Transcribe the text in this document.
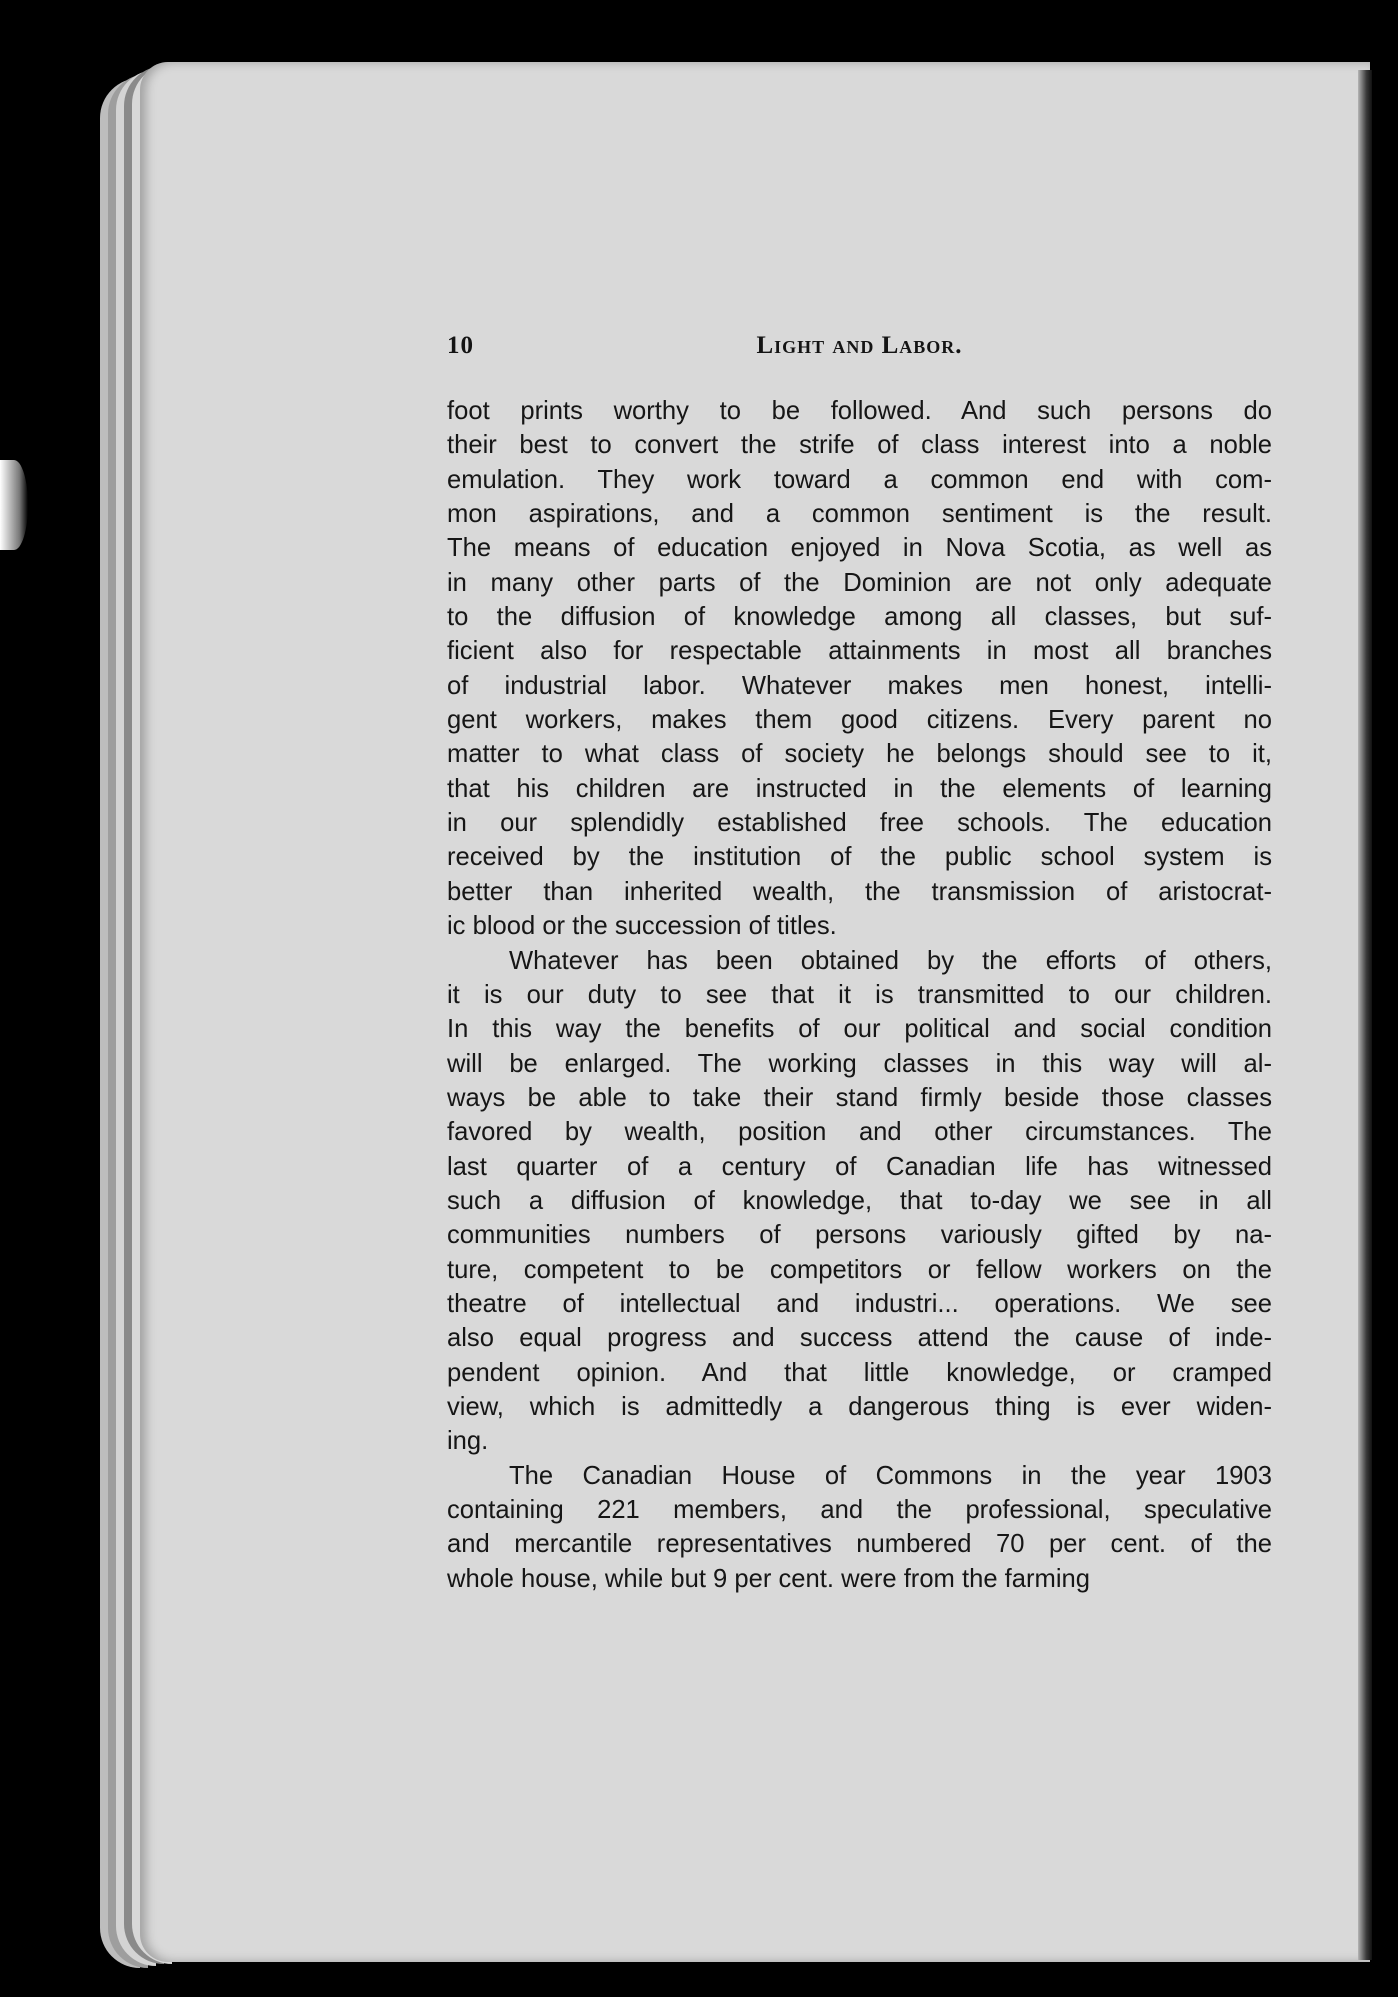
10	Light and Labor.
foot prints worthy to be followed. And such persons do
their best to convert the strife of class interest into a noble
emulation. They work toward a common end with com-
mon aspirations, and a common sentiment is the result.
The means of education enjoyed in Nova Scotia, as well as
in many other parts of the Dominion are not only adequate
to the diffusion of knowledge among all classes, but suf-
ficient also for respectable attainments in most all branches
of industrial labor. Whatever makes men honest, intelli-
gent workers, makes them good citizens. Every parent no
matter to what class of society he belongs should see to it,
that his children are instructed in the elements of learning
in our splendidly established free schools. The education
received by the institution of the public school system is
better than inherited wealth, the transmission of aristocrat-
ic blood or the succession of titles.
Whatever has been obtained by the efforts of others,
it is our duty to see that it is transmitted to our children.
In this way the benefits of our political and social condition
will be enlarged. The working classes in this way will al-
ways be able to take their stand firmly beside those classes
favored by wealth, position and other circumstances. The
last quarter of a century of Canadian life has witnessed
such a diffusion of knowledge, that to-day we see in all
communities numbers of persons variously gifted by na-
ture, competent to be competitors or fellow workers on the
theatre of intellectual and industri... operations. We see
also equal progress and success attend the cause of inde-
pendent opinion. And that little knowledge, or cramped
view, which is admittedly a dangerous thing is ever widen-
ing.
The Canadian House of Commons in the year 1903
containing 221 members, and the professional, speculative
and mercantile representatives numbered 70 per cent. of the
whole house, while but 9 per cent. were from the farming
